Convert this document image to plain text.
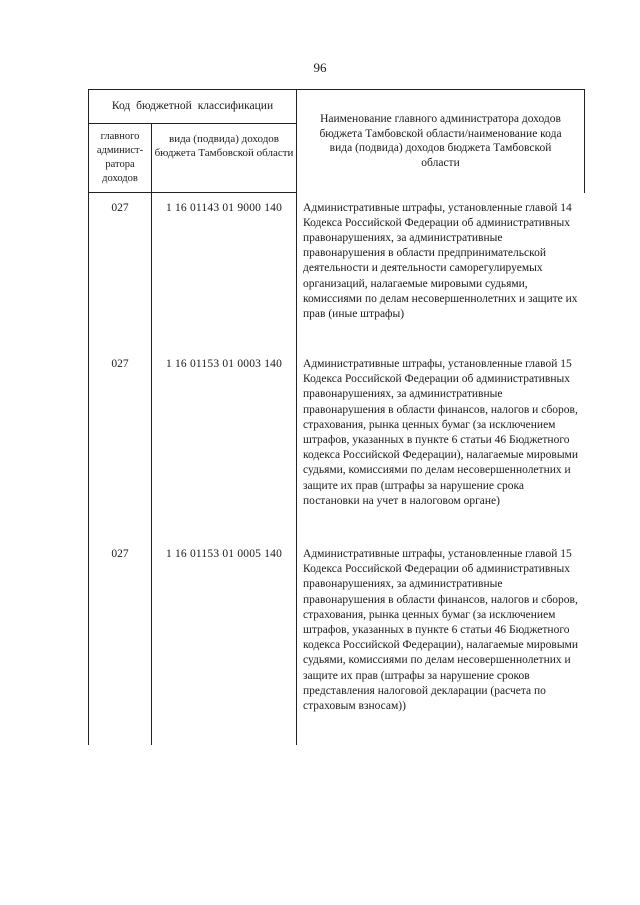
96
Код бюджетной классификации		Наименование главного администратора доходов бюджета Тамбовской области/наименование кода вида (подвида) доходов бюджета Тамбовской области
главного админист-ратора доходов	вида (подвида) доходов бюджета Тамбовской области	
027	1 16 01143 01 9000 140	Административные штрафы, установленные главой 14 Кодекса Российской Федерации об административных правонарушениях, за административные правонарушения в области предпринимательской деятельности и деятельности саморегулируемых организаций, налагаемые мировыми судьями, комиссиями по делам несовершеннолетних и защите их прав (иные штрафы)
027	1 16 01153 01 0003 140	Административные штрафы, установленные главой 15 Кодекса Российской Федерации об административных правонарушениях, за административные правонарушения в области финансов, налогов и сборов, страхования, рынка ценных бумаг (за исключением штрафов, указанных в пункте 6 статьи 46 Бюджетного кодекса Российской Федерации), налагаемые мировыми судьями, комиссиями по делам несовершеннолетних и защите их прав (штрафы за нарушение срока постановки на учет в налоговом органе)
027	1 16 01153 01 0005 140	Административные штрафы, установленные главой 15 Кодекса Российской Федерации об административных правонарушениях, за административные правонарушения в области финансов, налогов и сборов, страхования, рынка ценных бумаг (за исключением штрафов, указанных в пункте 6 статьи 46 Бюджетного кодекса Российской Федерации), налагаемые мировыми судьями, комиссиями по делам несовершеннолетних и защите их прав (штрафы за нарушение сроков представления налоговой декларации (расчета по страховым взносам))
